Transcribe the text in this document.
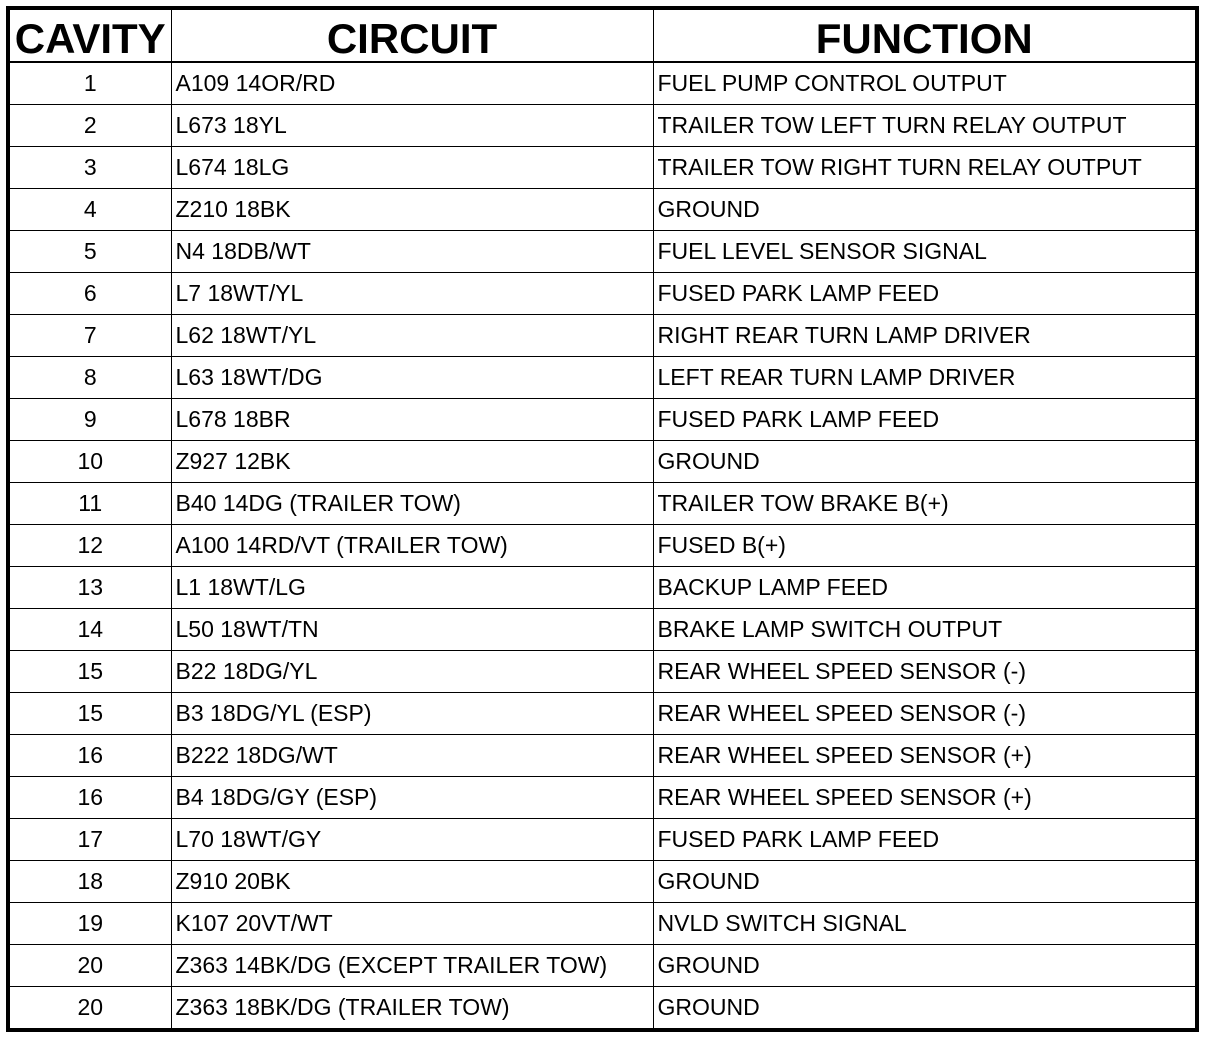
CAVITY	CIRCUIT	FUNCTION
1	A109 14OR/RD	FUEL PUMP CONTROL OUTPUT
2	L673 18YL	TRAILER TOW LEFT TURN RELAY OUTPUT
3	L674 18LG	TRAILER TOW RIGHT TURN RELAY OUTPUT
4	Z210 18BK	GROUND
5	N4 18DB/WT	FUEL LEVEL SENSOR SIGNAL
6	L7 18WT/YL	FUSED PARK LAMP FEED
7	L62 18WT/YL	RIGHT REAR TURN LAMP DRIVER
8	L63 18WT/DG	LEFT REAR TURN LAMP DRIVER
9	L678 18BR	FUSED PARK LAMP FEED
10	Z927 12BK	GROUND
11	B40 14DG (TRAILER TOW)	TRAILER TOW BRAKE B(+)
12	A100 14RD/VT (TRAILER TOW)	FUSED B(+)
13	L1 18WT/LG	BACKUP LAMP FEED
14	L50 18WT/TN	BRAKE LAMP SWITCH OUTPUT
15	B22 18DG/YL	REAR WHEEL SPEED SENSOR (-)
15	B3 18DG/YL (ESP)	REAR WHEEL SPEED SENSOR (-)
16	B222 18DG/WT	REAR WHEEL SPEED SENSOR (+)
16	B4 18DG/GY (ESP)	REAR WHEEL SPEED SENSOR (+)
17	L70 18WT/GY	FUSED PARK LAMP FEED
18	Z910 20BK	GROUND
19	K107 20VT/WT	NVLD SWITCH SIGNAL
20	Z363 14BK/DG (EXCEPT TRAILER TOW)	GROUND
20	Z363 18BK/DG (TRAILER TOW)	GROUND
